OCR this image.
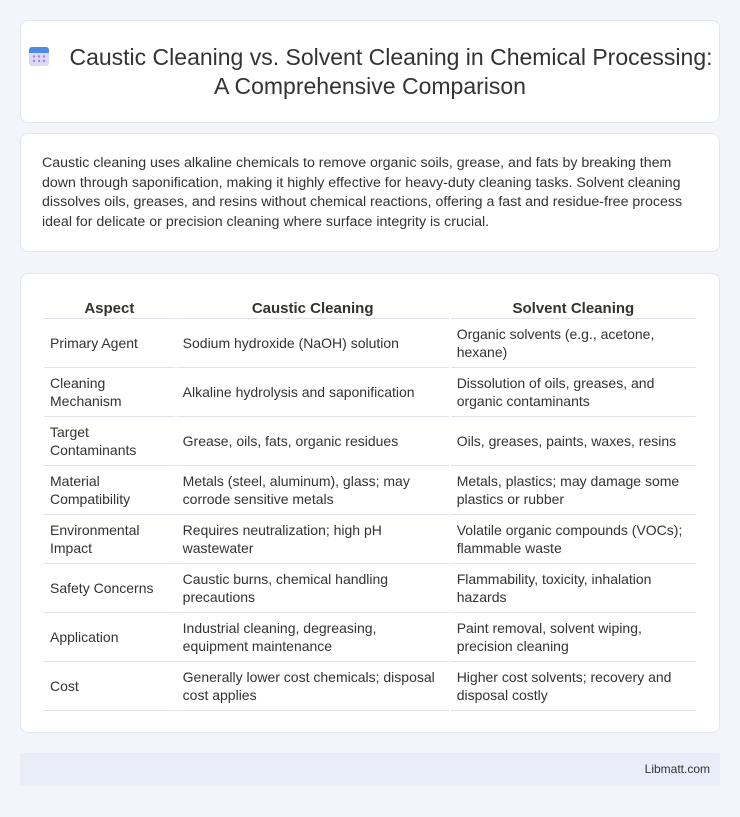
Caustic Cleaning vs. Solvent Cleaning in Chemical Processing: A Comprehensive Comparison

Caustic cleaning uses alkaline chemicals to remove organic soils, grease, and fats by breaking them down through saponification, making it highly effective for heavy-duty cleaning tasks. Solvent cleaning dissolves oils, greases, and resins without chemical reactions, offering a fast and residue-free process ideal for delicate or precision cleaning where surface integrity is crucial.

Aspect	Caustic Cleaning	Solvent Cleaning
Primary Agent	Sodium hydroxide (NaOH) solution	Organic solvents (e.g., acetone, hexane)
Cleaning Mechanism	Alkaline hydrolysis and saponification	Dissolution of oils, greases, and organic contaminants
Target Contaminants	Grease, oils, fats, organic residues	Oils, greases, paints, waxes, resins
Material Compatibility	Metals (steel, aluminum), glass; may corrode sensitive metals	Metals, plastics; may damage some plastics or rubber
Environmental Impact	Requires neutralization; high pH wastewater	Volatile organic compounds (VOCs); flammable waste
Safety Concerns	Caustic burns, chemical handling precautions	Flammability, toxicity, inhalation hazards
Application	Industrial cleaning, degreasing, equipment maintenance	Paint removal, solvent wiping, precision cleaning
Cost	Generally lower cost chemicals; disposal cost applies	Higher cost solvents; recovery and disposal costly
Libmatt.com
